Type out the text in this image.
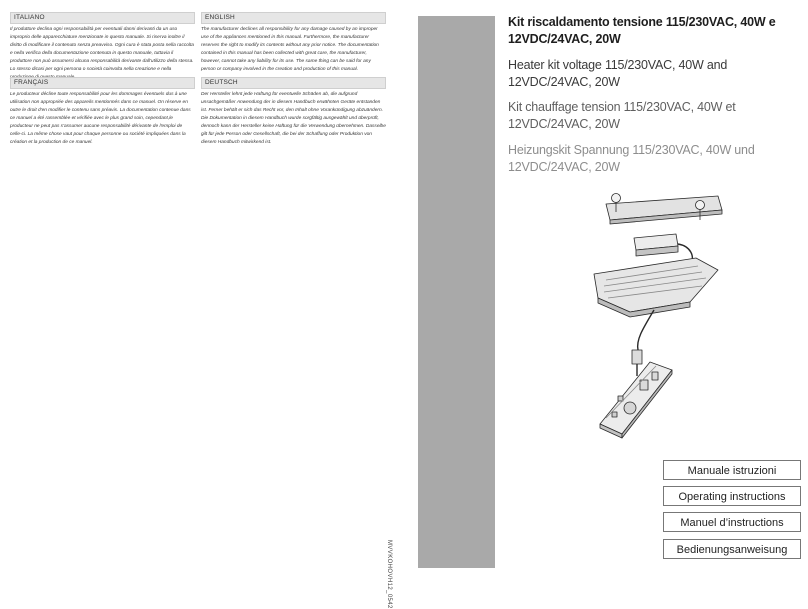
ITALIANO
Il produttore declina ogni responsabilità per eventuali danni derivanti da un uso improprio delle apparecchiature menzionate in questo manuale. Si riserva inoltre il diritto di modificare il contenuto senza preavviso. Ogni cura è stata posta nella raccolta e nella verifica della documentazione contenuta in questo manuale, tuttavia il produttore non può assumersi alcuna responsabilità derivante dall'utilizzo della stessa. Lo stesso dicasi per ogni persona o società coinvolta nella creazione e nella
ENGLISH
The manufacturer declines all responsibility for any damage caused by an improper use of the appliances mentioned in this manual. Furthermore, the manufacturer reserves the right to modify its contents without any prior notice. The documentation contained in this manual has been collected with great care, the manufacturer, however, cannot take any liability for its use. The same thing can be said for any person or company involved in the creation and production of this manual.
FRANÇAIS
Le producteur décline toute responsabilité pour les dommages éventuels dus à une utilisation non appropriée des appareils mentionnés dans ce manuel. On réserve en outre le droit d'en modifier le contenu sans préavis. La documentation contenue dans ce manuel a été rassemblée et vérifiée avec le plus grand soin, cependant,le producteur ne peut pas s'assumer aucune responsabilité dérivante de l'emploi de celle-ci. La même chose vaut pour chaque personne ou société impliquées dans la création et la production de ce manuel.
DEUTSCH
Der Hersteller lehnt jede Haftung für eventuelle Schäden ab, die aufgrund unsachgemäßer Anwendung der in diesem Handbuch erwähnten Geräte entstanden ist. Ferner behält er sich das Recht vor, den Inhalt ohne Vorankündigung abzuändern. Die Dokumentation in diesem Handbuch wurde sorgfältig ausgewählt und überprüft, dennoch kann der Hersteller keine Haftung für die Verwendung übernehmen. Dasselbe gilt für jede Person oder Gesellschaft, die bei der Schaffung oder Produktion von diesem Handbuch mitwirkend ist.
MVVKOHOVH12_0542
Kit riscaldamento tensione 115/230VAC, 40W e 12VDC/24VAC, 20W
Heater kit voltage 115/230VAC, 40W and 12VDC/24VAC, 20W
Kit chauffage tension 115/230VAC, 40W et 12VDC/24VAC, 20W
Heizungskit Spannung 115/230VAC, 40W und 12VDC/24VAC, 20W
Manuale istruzioni
Operating instructions
Manuel d’instructions
Bedienungsanweisung
